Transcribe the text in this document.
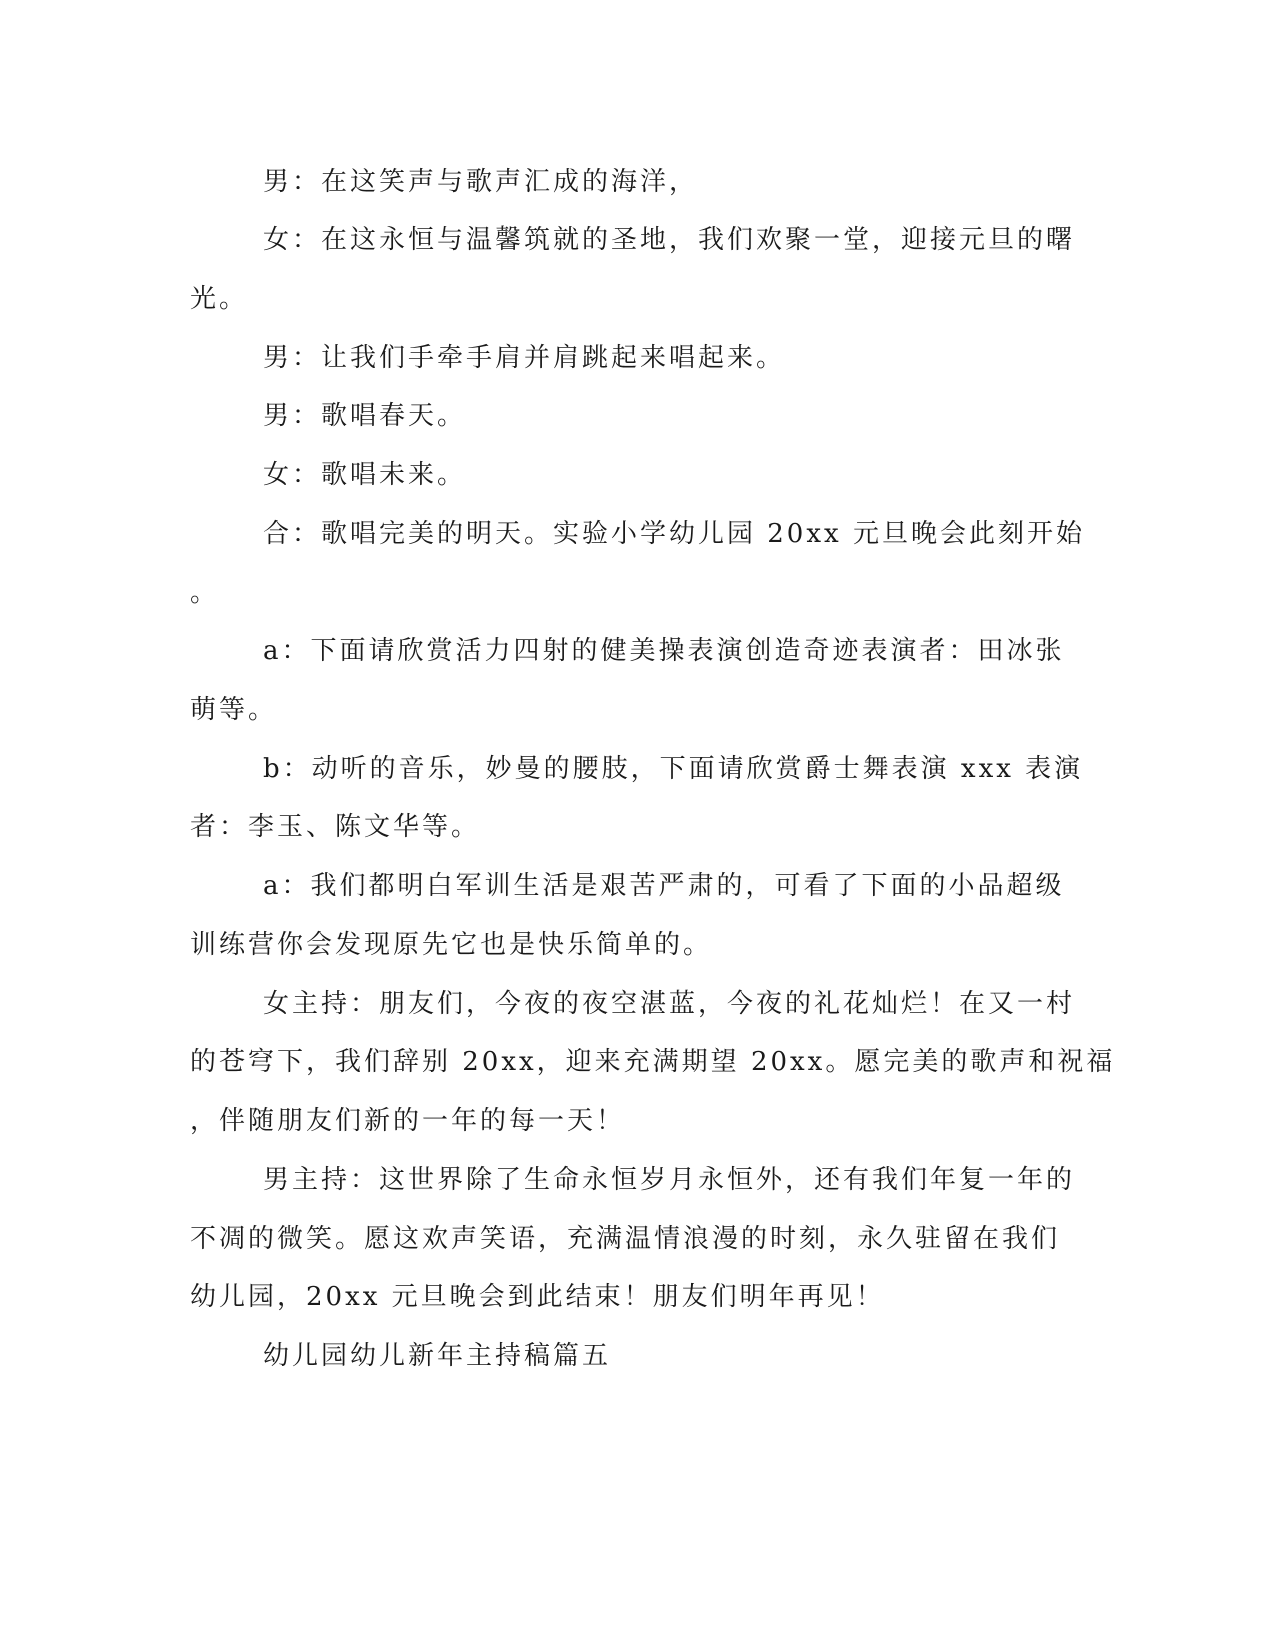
男：在这笑声与歌声汇成的海洋，
女：在这永恒与温馨筑就的圣地，我们欢聚一堂，迎接元旦的曙
光。
男：让我们手牵手肩并肩跳起来唱起来。
男：歌唱春天。
女：歌唱未来。
合：歌唱完美的明天。实验小学幼儿园 20xx 元旦晚会此刻开始
。
a：下面请欣赏活力四射的健美操表演创造奇迹表演者：田冰张
萌等。
b：动听的音乐，妙曼的腰肢，下面请欣赏爵士舞表演 xxx 表演
者：李玉、陈文华等。
a：我们都明白军训生活是艰苦严肃的，可看了下面的小品超级
训练营你会发现原先它也是快乐简单的。
女主持：朋友们，今夜的夜空湛蓝，今夜的礼花灿烂！在又一村
的苍穹下，我们辞别 20xx，迎来充满期望 20xx。愿完美的歌声和祝福
，伴随朋友们新的一年的每一天！
男主持：这世界除了生命永恒岁月永恒外，还有我们年复一年的
不凋的微笑。愿这欢声笑语，充满温情浪漫的时刻，永久驻留在我们
幼儿园，20xx 元旦晚会到此结束！朋友们明年再见！
幼儿园幼儿新年主持稿篇五
